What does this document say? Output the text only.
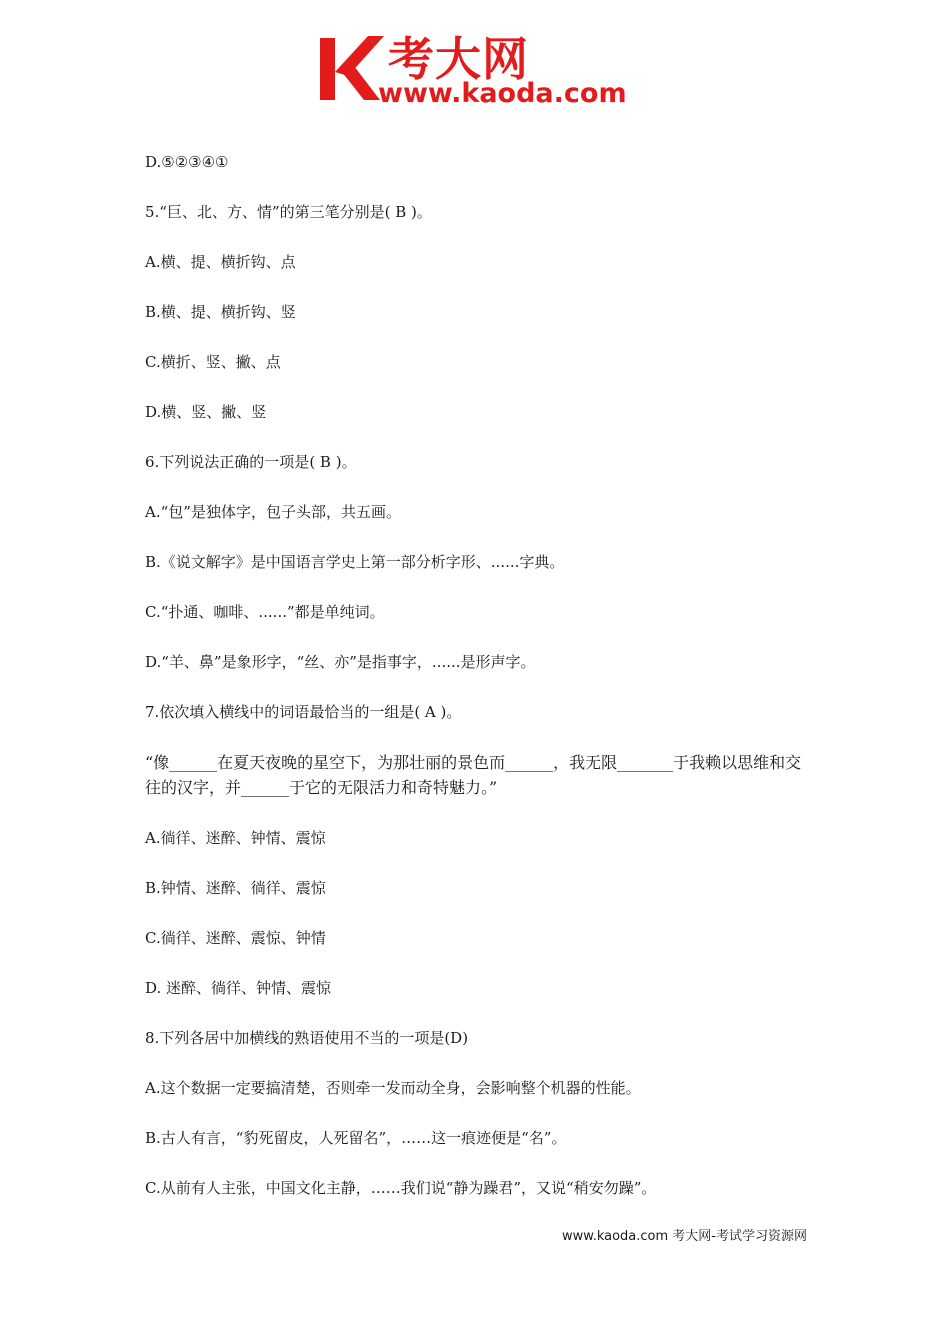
考大网
www.kaoda.com

D.⑤②③④①

5.“巨、北、方、情”的第三笔分别是( B )。

A.横、提、横折钩、点

B.横、提、横折钩、竖

C.横折、竖、撇、点

D.横、竖、撇、竖

6.下列说法正确的一项是( B )。

A.“包”是独体字，包子头部，共五画。

B.《说文解字》是中国语言学史上第一部分析字形、......字典。

C.“扑通、咖啡、......”都是单纯词。

D.“羊、鼻”是象形字，“丝、亦”是指事字，......是形声字。

7.依次填入横线中的词语最恰当的一组是( A )。

“像______在夏天夜晚的星空下，为那壮丽的景色而______，我无限_______于我赖以思维和交往的汉字，并______于它的无限活力和奇特魅力。”

A.徜徉、迷醉、钟情、震惊

B.钟情、迷醉、徜徉、震惊

C.徜徉、迷醉、震惊、钟情

D. 迷醉、徜徉、钟情、震惊

8.下列各居中加横线的熟语使用不当的一项是(D)

A.这个数据一定要搞清楚，否则牵一发而动全身，会影响整个机器的性能。

B.古人有言，“豹死留皮，人死留名”，……这一痕迹便是“名”。

C.从前有人主张，中国文化主静，……我们说“静为躁君”，又说“稍安勿躁”。

www.kaoda.com 考大网-考试学习资源网
